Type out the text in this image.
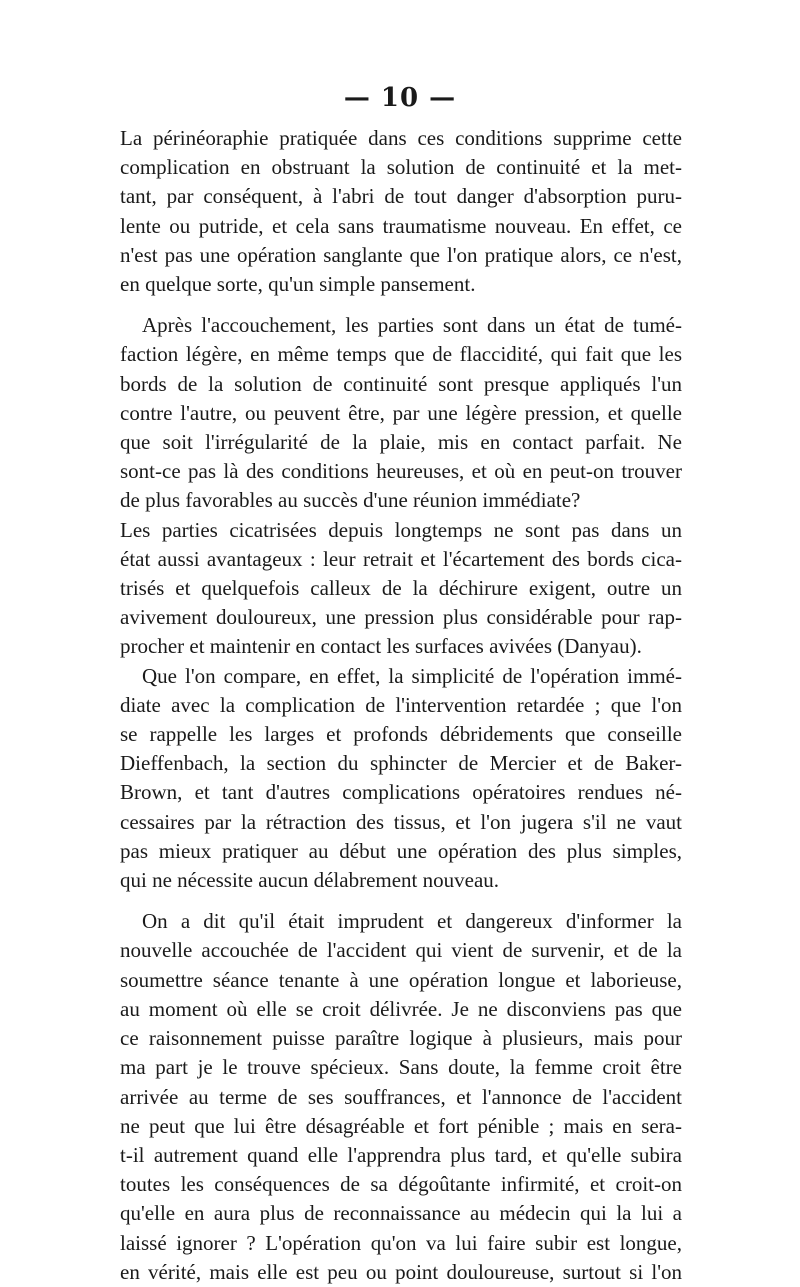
— 10 —

La périnéoraphie pratiquée dans ces conditions supprime cette
complication en obstruant la solution de continuité et la met-
tant, par conséquent, à l'abri de tout danger d'absorption puru-
lente ou putride, et cela sans traumatisme nouveau. En effet, ce
n'est pas une opération sanglante que l'on pratique alors, ce n'est,
en quelque sorte, qu'un simple pansement.

Après l'accouchement, les parties sont dans un état de tumé-
faction légère, en même temps que de flaccidité, qui fait que les
bords de la solution de continuité sont presque appliqués l'un
contre l'autre, ou peuvent être, par une légère pression, et quelle
que soit l'irrégularité de la plaie, mis en contact parfait. Ne
sont-ce pas là des conditions heureuses, et où en peut-on trouver
de plus favorables au succès d'une réunion immédiate?

Les parties cicatrisées depuis longtemps ne sont pas dans un
état aussi avantageux : leur retrait et l'écartement des bords cica-
trisés et quelquefois calleux de la déchirure exigent, outre un
avivement douloureux, une pression plus considérable pour rap-
procher et maintenir en contact les surfaces avivées (Danyau).

Que l'on compare, en effet, la simplicité de l'opération immé-
diate avec la complication de l'intervention retardée ; que l'on
se rappelle les larges et profonds débridements que conseille
Dieffenbach, la section du sphincter de Mercier et de Baker-
Brown, et tant d'autres complications opératoires rendues né-
cessaires par la rétraction des tissus, et l'on jugera s'il ne vaut
pas mieux pratiquer au début une opération des plus simples,
qui ne nécessite aucun délabrement nouveau.

On a dit qu'il était imprudent et dangereux d'informer la
nouvelle accouchée de l'accident qui vient de survenir, et de la
soumettre séance tenante à une opération longue et laborieuse,
au moment où elle se croit délivrée. Je ne disconviens pas que
ce raisonnement puisse paraître logique à plusieurs, mais pour
ma part je le trouve spécieux. Sans doute, la femme croit être
arrivée au terme de ses souffrances, et l'annonce de l'accident
ne peut que lui être désagréable et fort pénible ; mais en sera-
t-il autrement quand elle l'apprendra plus tard, et qu'elle subira
toutes les conséquences de sa dégoûtante infirmité, et croit-on
qu'elle en aura plus de reconnaissance au médecin qui la lui a
laissé ignorer ? L'opération qu'on va lui faire subir est longue,
en vérité, mais elle est peu ou point douloureuse, surtout si l'on
